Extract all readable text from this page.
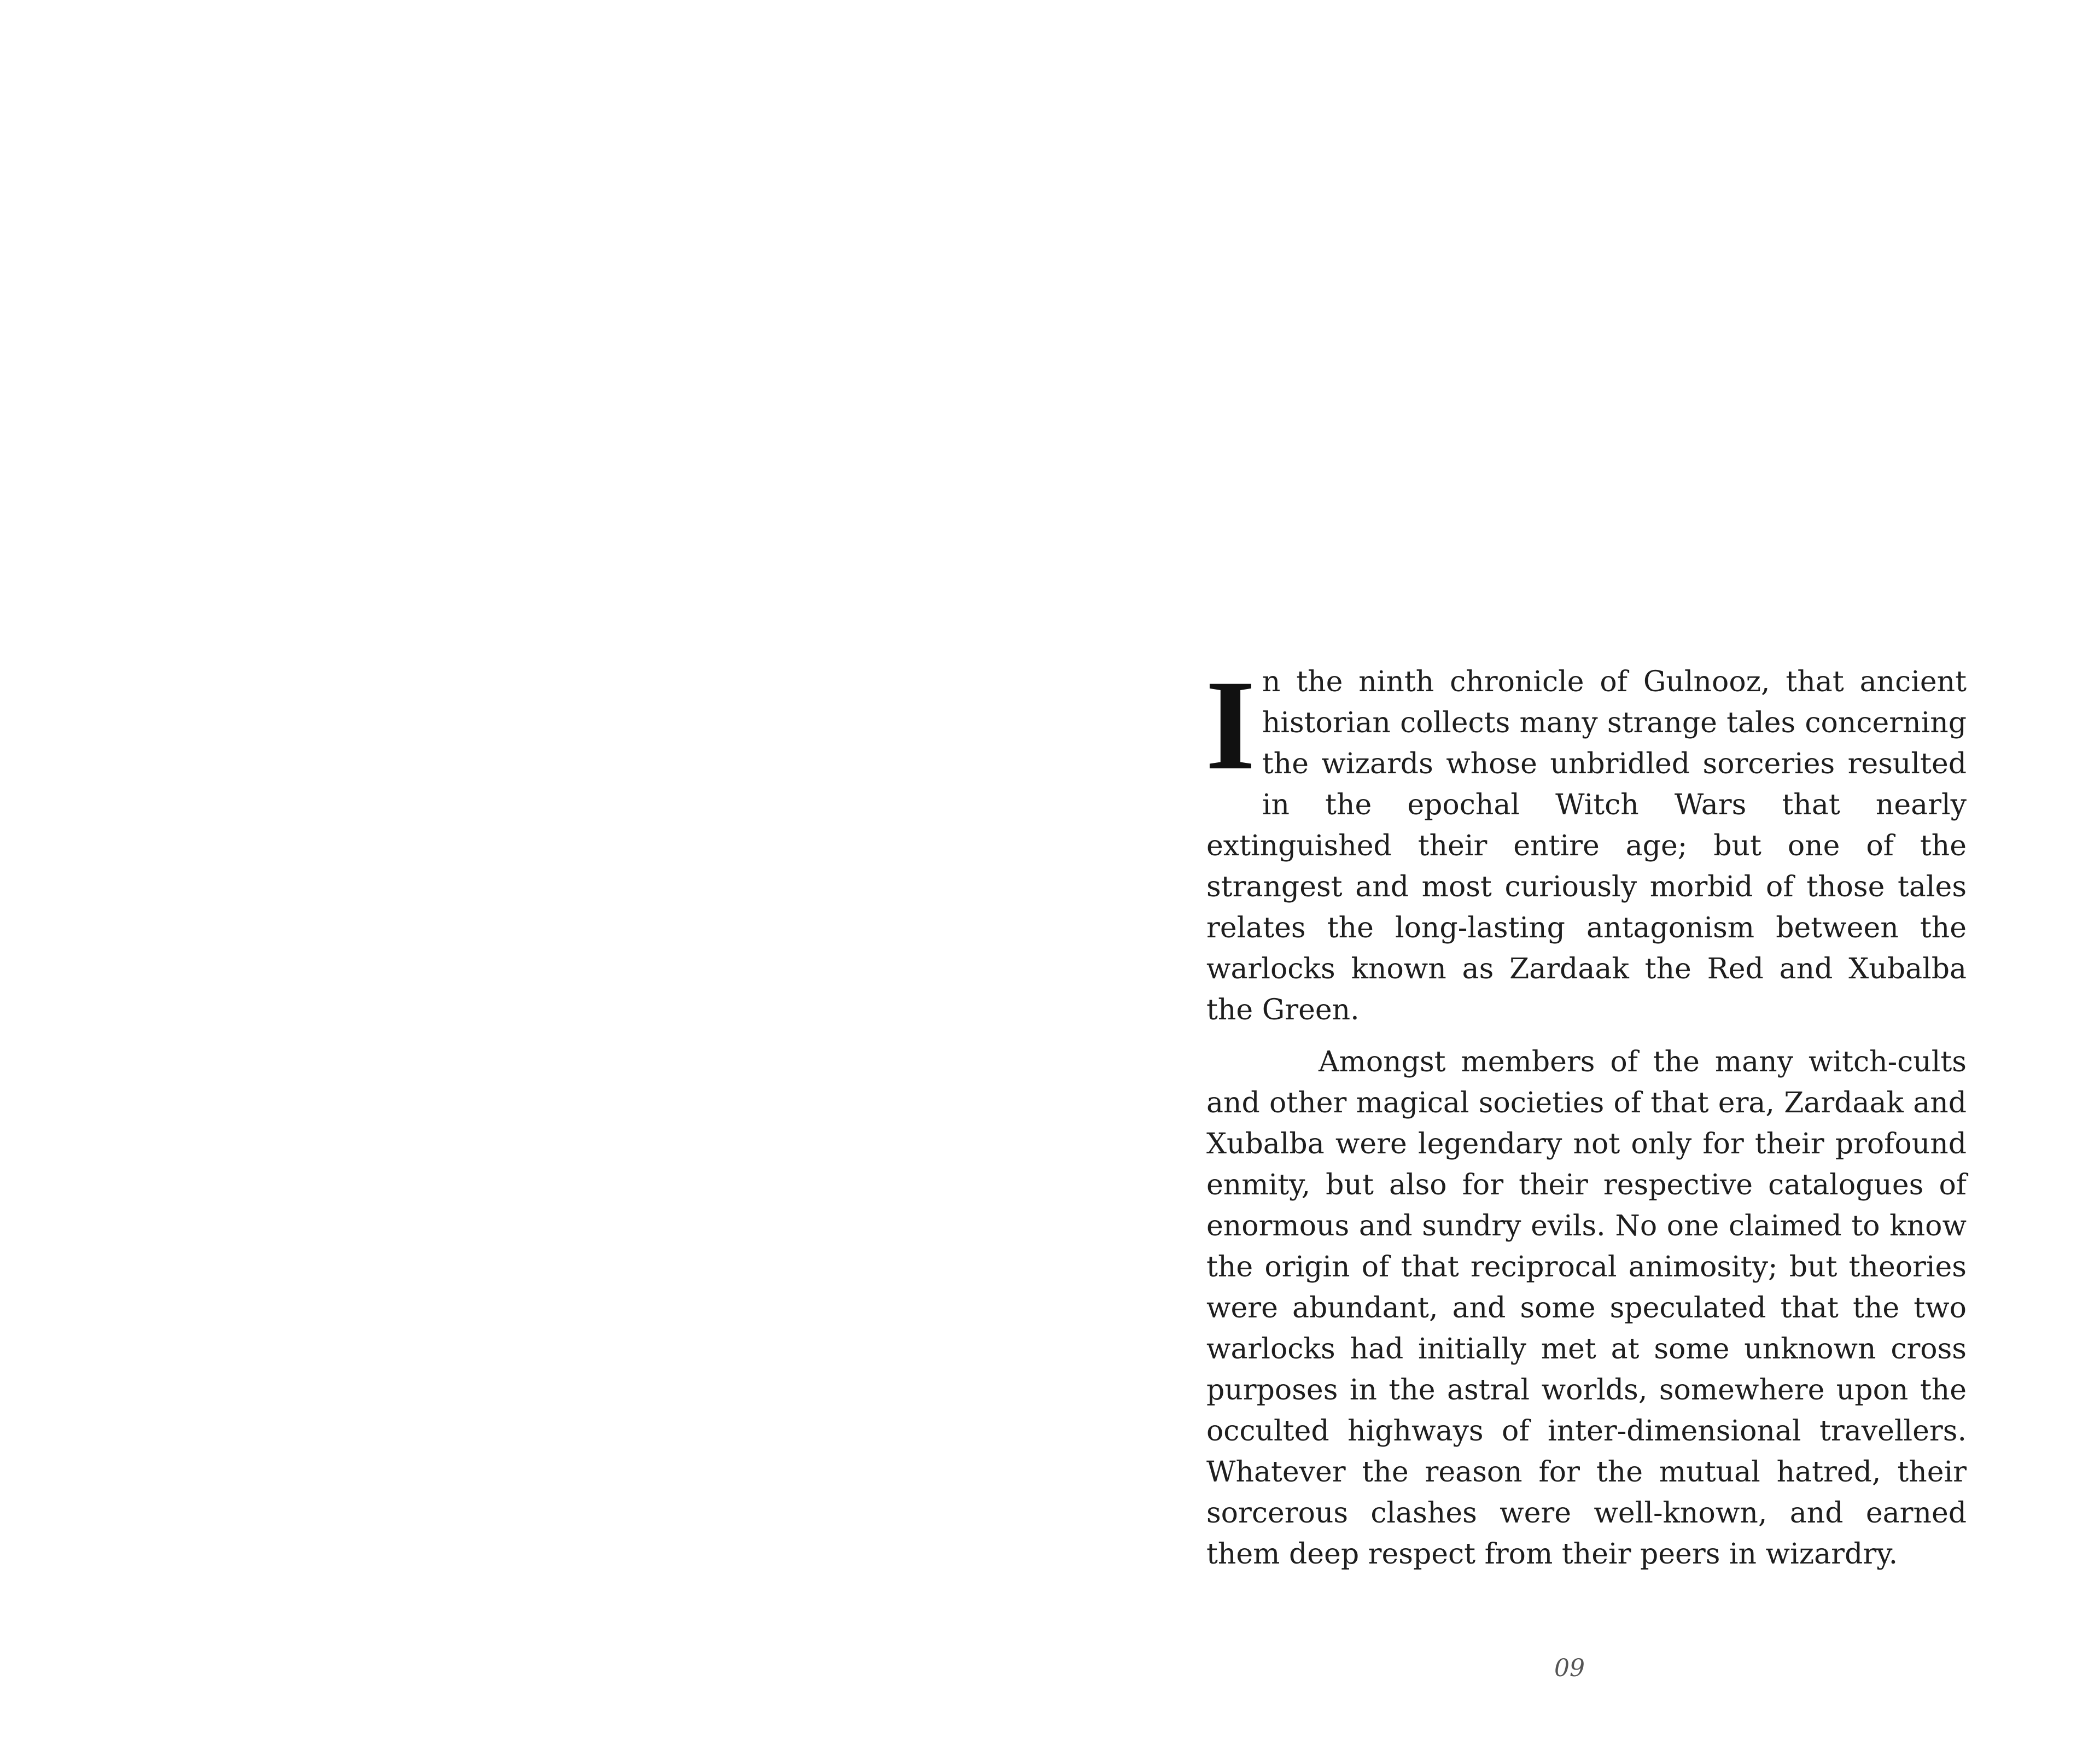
In the ninth chronicle of Gulnooz, that ancient historian collects many strange tales concerning the wizards whose unbridled sorceries resulted in the epochal Witch Wars that nearly extinguished their entire age; but one of the strangest and most curiously morbid of those tales relates the long-lasting antagonism between the warlocks known as Zardaak the Red and Xubalba the Green.

Amongst members of the many witch-cults and other magical societies of that era, Zardaak and Xubalba were legendary not only for their profound enmity, but also for their respective catalogues of enormous and sundry evils. No one claimed to know the origin of that reciprocal animosity; but theories were abundant, and some speculated that the two warlocks had initially met at some unknown cross purposes in the astral worlds, somewhere upon the occulted highways of inter-dimensional travellers. Whatever the reason for the mutual hatred, their sorcerous clashes were well-known, and earned them deep respect from their peers in wizardry.

09
